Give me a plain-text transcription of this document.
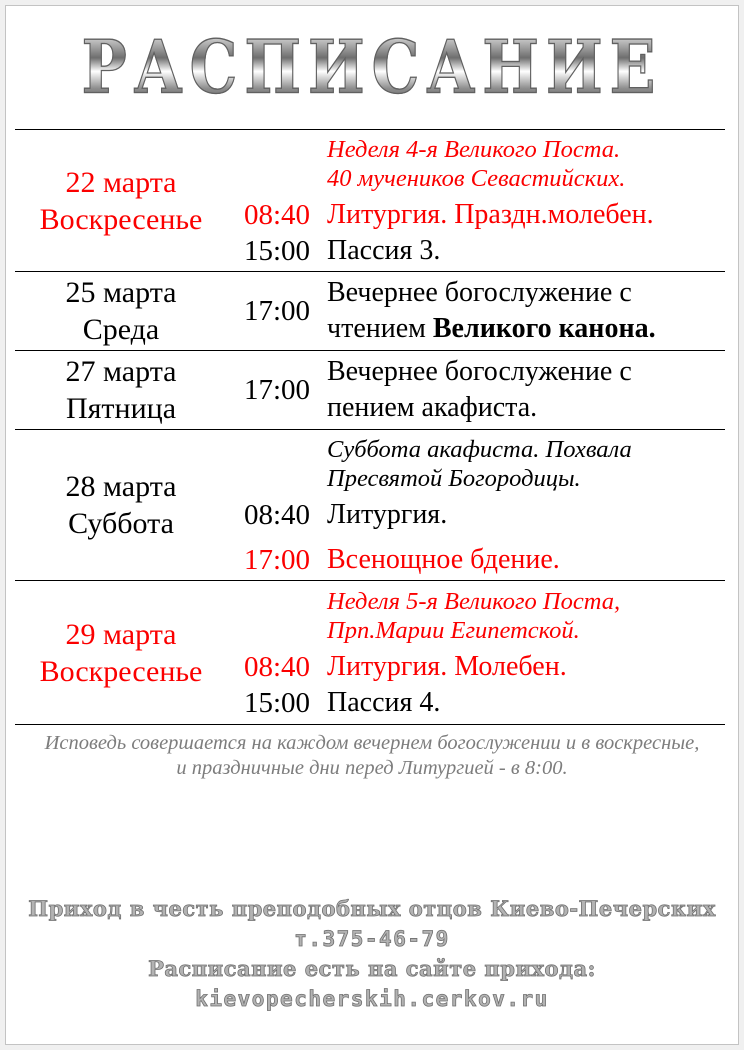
РАСПИСАНИЕ
22 марта
Воскресенье
Неделя 4-я Великого Поста.
40 мучеников Севастийских.
08:40 Литургия. Праздн.молебен.
15:00 Пассия 3.
25 марта
Среда
17:00
Вечернее богослужение с чтением Великого канона.
27 марта
Пятница
17:00
Вечернее богослужение с пением акафиста.
28 марта
Суббота
Суббота акафиста. Похвала
Пресвятой Богородицы.
08:40 Литургия.
17:00 Всенощное бдение.
29 марта
Воскресенье
Неделя 5-я Великого Поста,
Прп.Марии Египетской.
08:40 Литургия. Молебен.
15:00 Пассия 4.
Исповедь совершается на каждом вечернем богослужении и в воскресные,
и праздничные дни перед Литургией - в 8:00.
Приход в честь преподобных отцов Киево-Печерских т.375-46-79
Расписание есть на сайте прихода: kievopecherskih.cerkov.ru
